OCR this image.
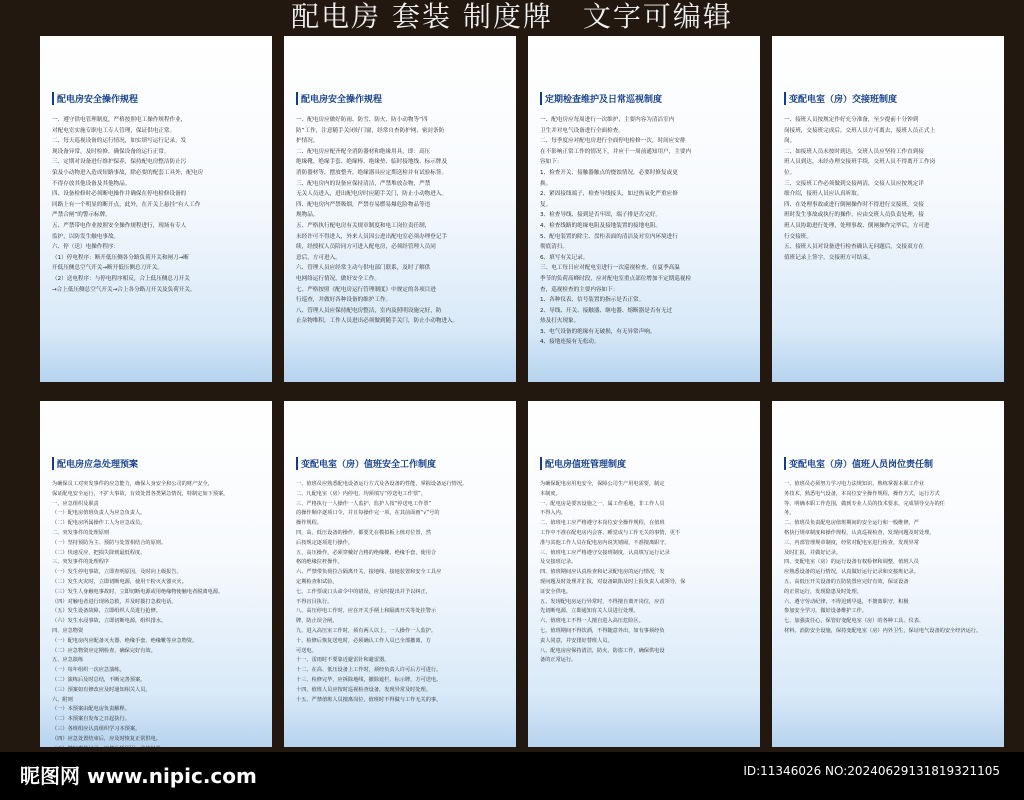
配电房 套装 制度牌　文字可编辑
配电房安全操作规程
一、遵守供电管理制度，严格按照电工操作规程作业，
对配电室实施专职电工专人管理，保证供电正常。
二、每天巡视设备的运行情况，如实填写运行记录，发
现设备异常，及时检修，确保设备的运行正常。
三、定期对设备进行维护保养，保持配电房整洁防止污
染及小动物进入造成短路事故，除必要的配套工具外，配电房
不得存放其他设备及其他物品。
四、设备检修时必须断电操作并确保在停电检修设备的
回路上有一个明显的断开点，此外，在开关上悬挂“有人工作
严禁合闸”的警示标牌。
五、严禁带电作业按照安全操作规程进行，现场有专人
监护，以防发生触电事故。
六、停（送）电操作程序：
（1）停电程序：断开低压侧各分路负荷开关和闸刀→断
开低压侧总空气开关→断开低压侧总刀开关。
（2）送电程序：与停电程序相反，合上低压侧总刀开关
→合上低压侧总空气开关→合上各分路刀开关及负荷开关。
配电房安全操作规程
一、配电房应做好防雨、防雪、防火、防小动物等“四
防”工作，注意随手关闭好门窗，经常自查防护网、密封条防
护情况。
二、配电房应配齐配全消防器材和绝缘用具，即：高压
绝缘靴、绝缘手套、绝缘棒、绝缘垫、临时接地线、标示牌及
消防器材等，摆放整齐，绝缘器具应定期送检并有试验标签。
三、配电房内的设备应保持清洁，严禁堆放杂物，严禁
无关人员进入，进出配电房时应随手关门，防止小动物进入。
四、配电房内严禁吸烟，严禁存易燃易爆危险物品等违
规物品。
五、严格执行配电房有关规章制度和电工岗位责任制，
未经许可不得进入，外来人员因公进出配电室必须办理登记手
续，经授权人员陪同方可进入配电房，必须经管理人员同
意后，方可进入。
六、管理人员应经常主动与供电部门联系，及时了解供
电网络运行情况，做好安全工作。
七、严格按照《配电房运行管理制度》中规定的各项目进
行巡查，并做好各种设备的维护工作。
八、管理人员应保持配电房整洁，室内及照明设施完好，防
止杂物堆积，工作人员进出必须做到随手关门，防止小动物进入。
定期检查维护及日常巡视制度
一、配电房应每周进行一次维护，主要内容为清洁室内
卫生并对电气设备进行全面检查。
二、每季度应对配电房进行全面停电检修一次，时间应安排
在不影响正常工作的情况下，并应于一周前通知用户，主要内
容如下：
1、检查开关、接触器触点的烧蚀情况，必要时修复或更
换。
2、紧固接线端子，检查导线接头，如过热氧化严重应修
复。
3、检查导线、接到是否牢固，端子排是否完好。
4、检查线路的绝缘电阻及接地装置的接地电阻。
5、配电装置的除尘、盘柜表面的清洁及对室内环境进行
彻底清扫。
6、填写有关记录。
三、电工每日应对配电室进行一次巡视检查，在夏季高温
季节的负荷高峰时段，应对配电室重点部位增加不定期巡视检
查，巡视检查的主要内容如下：
1、各种仪表、信号装置的指示是否正常。
2、导线、开关、接触器、继电器、熔断器是否有无过
热及打火现象。
3、电气设备的绝缘有无破损，有无异常声响。
4、接地连接有无松动。
变配电室（房）交接班制度
一、接班人员按规定作好充分准备，至少提前十分钟到
岗接班，交接班完成后，交班人员方可离去，接班人员正式上
岗。
二、如接班人员未按时到达，交班人员应坚持工作直到接
班人员到达，未经办理交接班手续，交班人员不得离开工作岗
位。
三、交接班工作必须做到交接两清，交接人员应按规定详
细介绍，接班人员应认真听取。
四、在处理事故或进行倒闸操作时不得进行交接班，交接
班时发生事故或执行的操作，应由交班人员负责处理，接
班人员协助进行处理，处理事故、倒闸操作完毕后，方可进
行交接班。
五、接班人员对设备进行检查确认无问题后，交接双方在
值班记录上签字，交接班方可结束。
配电房应急处理预案
为确保员工对突发事件的应急能力，确保人身安全和公司的财产安全，
保证配电安全运行，不扩大事故，有效处置各类紧急情况，特制定如下预案。
一、应急组织及职责
（一）配电房值班负责人为应急负责人。
（二）配电房所属操作工人为应急成员。
二、突发事件的处理原则
（一）坚持预防为主、预防与处置相结合的原则。
（二）快速反应，把损失降到最低程度。
三、突发事件的处理程序
（一）发生停电事故，立即查明原因，及时向上级报告。
（二）发生火灾时，立即切断电源，使用干粉灭火器灭火。
（三）发生人身触电事故时，立即切断电源或用绝缘物使触电者脱离电源。
（四）对触电者进行现场急救，并及时拨打急救电话。
（五）发生设备故障，立即组织人员进行抢修。
（六）发生水浸事故，立即切断电源，组织排水。
四、应急物资
（一）配电房内应配备灭火器、绝缘手套、绝缘靴等应急物资。
（二）应急物资应定期检查，确保完好有效。
五、应急演练
（一）每年组织一次应急演练。
（二）演练后及时总结，不断完善预案。
（三）预案如有修改应及时通知相关人员。
六、附则
（一）本预案由配电房负责解释。
（二）本预案自发布之日起执行。
（三）各班组应认真组织学习本预案。
（四）应急处置结束后，应及时恢复正常供电。
（五）做好事故记录，以便分析原因，总结经验。
变配电室（房）值班安全工作制度
一、值班员应熟悉配电设备运行方式及各设备的性能，掌握设备运行情况。
二、凡配电室（房）内停电、均须填写“停送电工作票”。
三、严格执行一人操作一人监护，监护人按“停送电工作票”
的操作顺序逐项口令，并且每操作完一项，在其前面画“√”号的
操作规程。
四、高、低压设备的操作，都要先在模拟板上核对位置，然
后按规定逐项进行操作。
五、高压操作，必须穿戴好合格的绝缘靴、绝缘手套，使用合
格的绝缘拉杆操作。
六、严禁带负荷拉合隔离开关，接地线、接地装置和安全工具应
定期检查和试验。
七、工作票或口头命令中的错误，应及时提出并予以纠正，
不得盲目执行。
八、高压停电工作时，应在开关手柄上和隔离开关等处挂警示
牌，防止误合闸。
九、进入高压室工作时，须有两人以上，一人操作一人监护。
十、检修后恢复送电时，必须确认工作人员已全部撤离，方
可送电。
十一、雷雨时不要靠近避雷针和避雷器。
十二、在高、低压设备上工作时，须经负责人许可后方可进行。
十三、检修完毕，应拆除地线，撤除遮栏、标示牌，方可送电。
十四、值班人员应按时巡视检查设备，发现异常及时处理。
十五、严禁值班人员擅离岗位，值班时不得做与工作无关的事。
配电房值班管理制度
为确保配电房用电安全，保障公司生产用电需要，制定
本制度。
一、配电房是要害设施之一，属工作重地，非工作人员
不得入内。
二、值班电工应严格遵守本岗位安全操作规程，在值班
工作中不准在配电房内会客、睡觉或与工作无关的事情，更不
准与其他工作人员在配电房内说笑嬉闹，不准擅离职守。
三、值班电工应严格遵守交接班制度，认真填写运行记录
及交接班记录。
四、值班期间应认真检查和记录配电房的运行情况，发
现问题及时处理并汇报，对设备缺陷及时上报负责人或领导，保
证安全供电。
五、发现配电房运行异常时，不得擅自离开岗位，应首
先切断电源，立即通知有关人员进行处理。
六、值班电工不得一人擅自进入高压危险区。
七、值班期间不得饮酒，不得随意外出，如有事须经负
责人同意，并安排好替班人员。
八、配电房应保持清洁，防火、防盗工作，确保供电设
备的正常运行。
变配电室（房）值班人员岗位责任制
一、值班员必须努力学习电力法规知识，熟练掌握本职工作业
务技术，熟悉电气设备，本岗位安全操作规程，操作方式，运行方式
等，明确本职工作范围，做到专业人员的技术要求，完成领导交办的任
务。
二、值班员负责配电房值班期间的安全运行和一般维修，严
格执行规章制度和操作规程，认真巡视检查，发现问题及时处理。
三、内部管理规章制度，经常对配电室进行检查，发现异常
及时汇报，并做好记录。
四、变配电室（房）的运行设备有权检修和调整，值班人员
应熟悉设备的运行情况，认真做好运行记录和交接班记录。
五、高低压开关设备的五防装置应完好有效，保证设备
的正常运行，发现隐患及时处理。
六、遵守劳动纪律，不得迟到早退，不擅离职守，积极
参加安全学习，做好设备维护工作。
七、加强责任心，保管好变配电室（房）的各种工具、仪表、
材料、消防安全设施，保持变配电室（房）内外卫生，保证电气设备的安全经济运行。
昵图网 www.nipic.com	ID:11346026 NO:20240629131819321105
